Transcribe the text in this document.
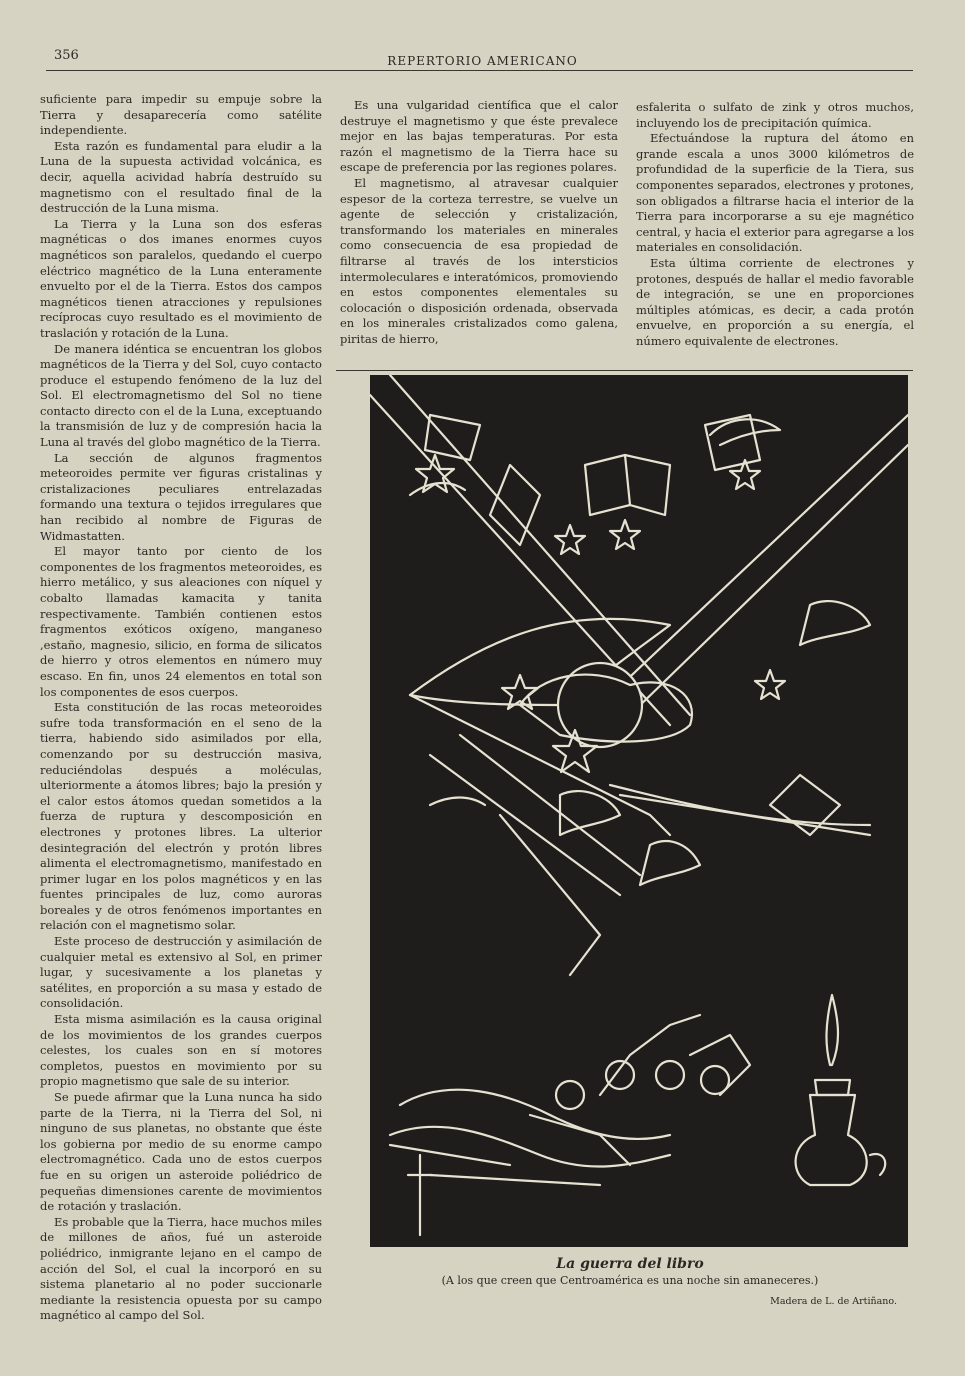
356	REPERTORIO AMERICANO

suficiente para impedir su empuje sobre la Tierra y desaparecería como satélite independiente.

Esta razón es fundamental para eludir a la Luna de la supuesta actividad volcánica, es decir, aquella acividad habría destruído su magnetismo con el resultado final de la destrucción de la Luna misma.

La Tierra y la Luna son dos esferas magnéticas o dos imanes enormes cuyos magnéticos son paralelos, quedando el cuerpo eléctrico magnético de la Luna enteramente envuelto por el de la Tierra. Estos dos campos magnéticos tienen atracciones y repulsiones recíprocas cuyo resultado es el movimiento de traslación y rotación de la Luna.

De manera idéntica se encuentran los globos magnéticos de la Tierra y del Sol, cuyo contacto produce el estupendo fenómeno de la luz del Sol. El electromagnetismo del Sol no tiene contacto directo con el de la Luna, exceptuando la transmisión de luz y de compresión hacia la Luna al través del globo magnético de la Tierra.

La sección de algunos fragmentos meteoroides permite ver figuras cristalinas y cristalizaciones peculiares entrelazadas formando una textura o tejidos irregulares que han recibido al nombre de Figuras de Widmastatten.

El mayor tanto por ciento de los componentes de los fragmentos meteoroides, es hierro metálico, y sus aleaciones con níquel y cobalto llamadas kamacita y tanita respectivamente. También contienen estos fragmentos exóticos oxígeno, manganeso ,estaño, magnesio, silicio, en forma de silicatos de hierro y otros elementos en número muy escaso. En fin, unos 24 elementos en total son los componentes de esos cuerpos.

Esta constitución de las rocas meteoroides sufre toda transformación en el seno de la tierra, habiendo sido asimilados por ella, comenzando por su destrucción masiva, reduciéndolas después a moléculas, ulteriormente a átomos libres; bajo la presión y el calor estos átomos quedan sometidos a la fuerza de ruptura y descomposición en electrones y protones libres. La ulterior desintegración del electrón y protón libres alimenta el electromagnetismo, manifestado en primer lugar en los polos magnéticos y en las fuentes principales de luz, como auroras boreales y de otros fenómenos importantes en relación con el magnetismo solar.

Este proceso de destrucción y asimilación de cualquier metal es extensivo al Sol, en primer lugar, y sucesivamente a los planetas y satélites, en proporción a su masa y estado de consolidación.

Esta misma asimilación es la causa original de los movimientos de los grandes cuerpos celestes, los cuales son en sí motores completos, puestos en movimiento por su propio magnetismo que sale de su interior.

Se puede afirmar que la Luna nunca ha sido parte de la Tierra, ni la Tierra del Sol, ni ninguno de sus planetas, no obstante que éste los gobierna por medio de su enorme campo electromagnético. Cada uno de estos cuerpos fue en su origen un asteroide poliédrico de pequeñas dimensiones carente de movimientos de rotación y traslación.

Es probable que la Tierra, hace muchos miles de millones de años, fué un asteroide poliédrico, inmigrante lejano en el campo de acción del Sol, el cual la incorporó en su sistema planetario al no poder succionarle mediante la resistencia opuesta por su campo magnético al campo del Sol.

Es una vulgaridad científica que el calor destruye el magnetismo y que éste prevalece mejor en las bajas temperaturas. Por esta razón el magnetismo de la Tierra hace su escape de preferencia por las regiones polares.

El magnetismo, al atravesar cualquier espesor de la corteza terrestre, se vuelve un agente de selección y cristalización, transformando los materiales en minerales como consecuencia de esa propiedad de filtrarse al través de los intersticios intermoleculares e interatómicos, promoviendo en estos componentes elementales su colocación o disposición ordenada, observada en los minerales cristalizados como galena, piritas de hierro,

esfalerita o sulfato de zink y otros muchos, incluyendo los de precipitación química.

Efectuándose la ruptura del átomo en grande escala a unos 3000 kilómetros de profundidad de la superficie de la Tiera, sus componentes separados, electrones y protones, son obligados a filtrarse hacia el interior de la Tierra para incorporarse a su eje magnético central, y hacia el exterior para agregarse a los materiales en consolidación.

Esta última corriente de electrones y protones, después de hallar el medio favorable de integración, se une en proporciones múltiples atómicas, es decir, a cada protón envuelve, en proporción a su energía, el número equivalente de electrones.

La guerra del libro
(A los que creen que Centroamérica es una noche sin amaneceres.)
Madera de L. de Artiñano.
